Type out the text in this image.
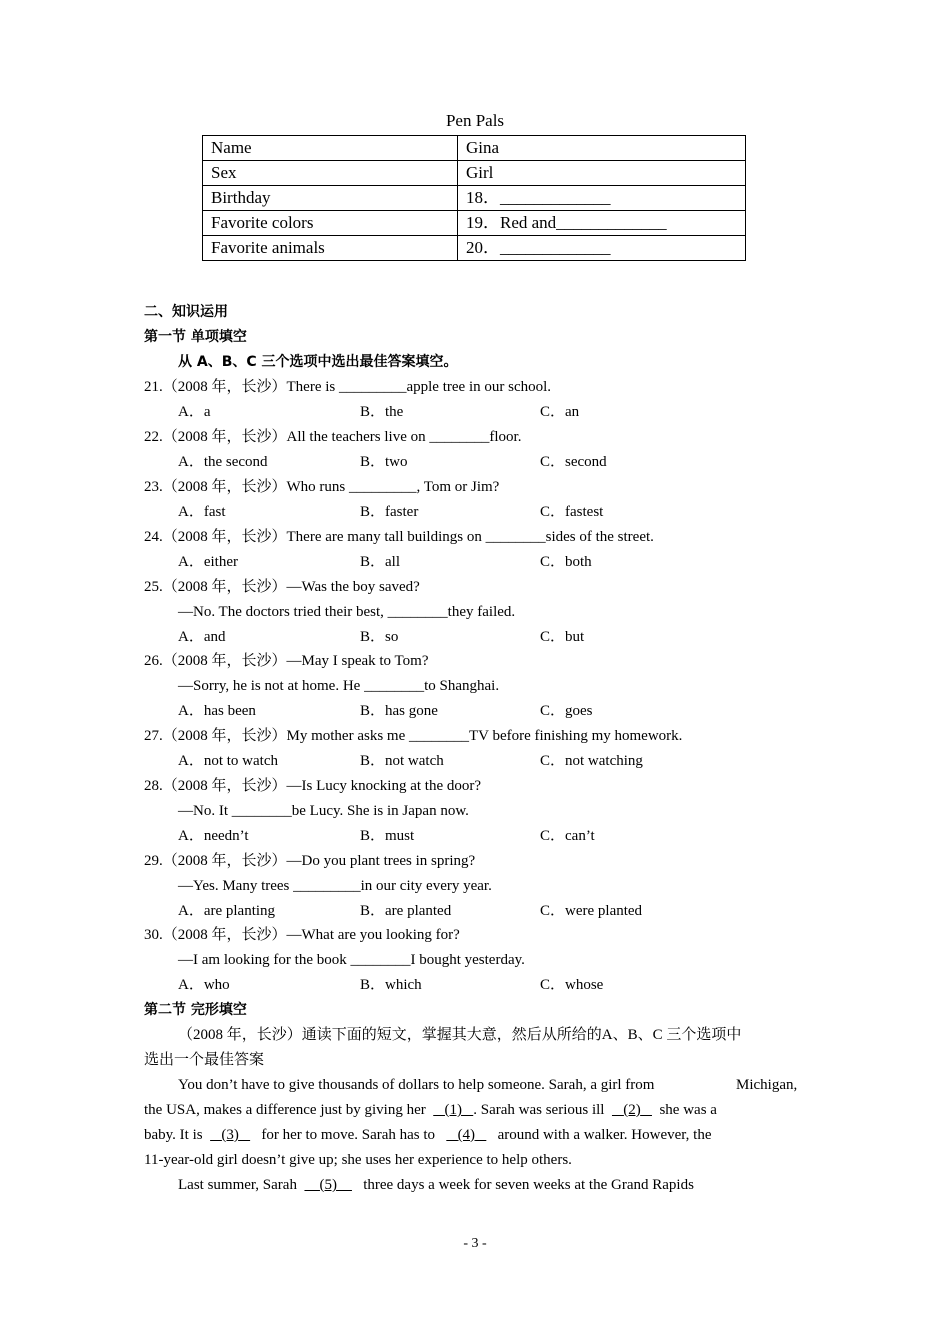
Pen Pals
Name	Gina
Sex	Girl
Birthday	18．_____________
Favorite colors	19．Red and_____________
Favorite animals	20．_____________
二、知识运用
第一节 单项填空
从 A、B、C 三个选项中选出最佳答案填空。
21.（2008 年，长沙）There is _________apple tree in our school.
A．a	B．the	C．an
22.（2008 年，长沙）All the teachers live on ________floor.
A．the second	B．two	C．second
23.（2008 年，长沙）Who runs _________, Tom or Jim?
A．fast	B．faster	C．fastest
24.（2008 年，长沙）There are many tall buildings on ________sides of the street.
A．either	B．all	C．both
25.（2008 年，长沙）—Was the boy saved?
—No. The doctors tried their best, ________they failed.
A．and	B．so	C．but
26.（2008 年，长沙）—May I speak to Tom?
—Sorry, he is not at home. He ________to Shanghai.
A．has been	B．has gone	C．goes
27.（2008 年，长沙）My mother asks me ________TV before finishing my homework.
A．not to watch	B．not watch	C．not watching
28.（2008 年，长沙）—Is Lucy knocking at the door?
—No. It ________be Lucy. She is in Japan now.
A．needn’t	B．must	C．can’t
29.（2008 年，长沙）—Do you plant trees in spring?
—Yes. Many trees _________in our city every year.
A．are planting	B．are planted	C．were planted
30.（2008 年，长沙）—What are you looking for?
—I am looking for the book ________I bought yesterday.
A．who	B．which	C．whose
第二节 完形填空
（2008 年，长沙）通读下面的短文，掌握其大意，然后从所给的A、B、C 三个选项中
选出一个最佳答案
You don’t have to give thousands of dollars to help someone. Sarah, a girl from	Michigan,
the USA, makes a difference just by giving her (1) . Sarah was serious ill (2) she was a
baby. It is (3) for her to move. Sarah has to (4) around with a walker. However, the
11-year-old girl doesn’t give up; she uses her experience to help others.
Last summer, Sarah (5) three days a week for seven weeks at the Grand Rapids
- 3 -
